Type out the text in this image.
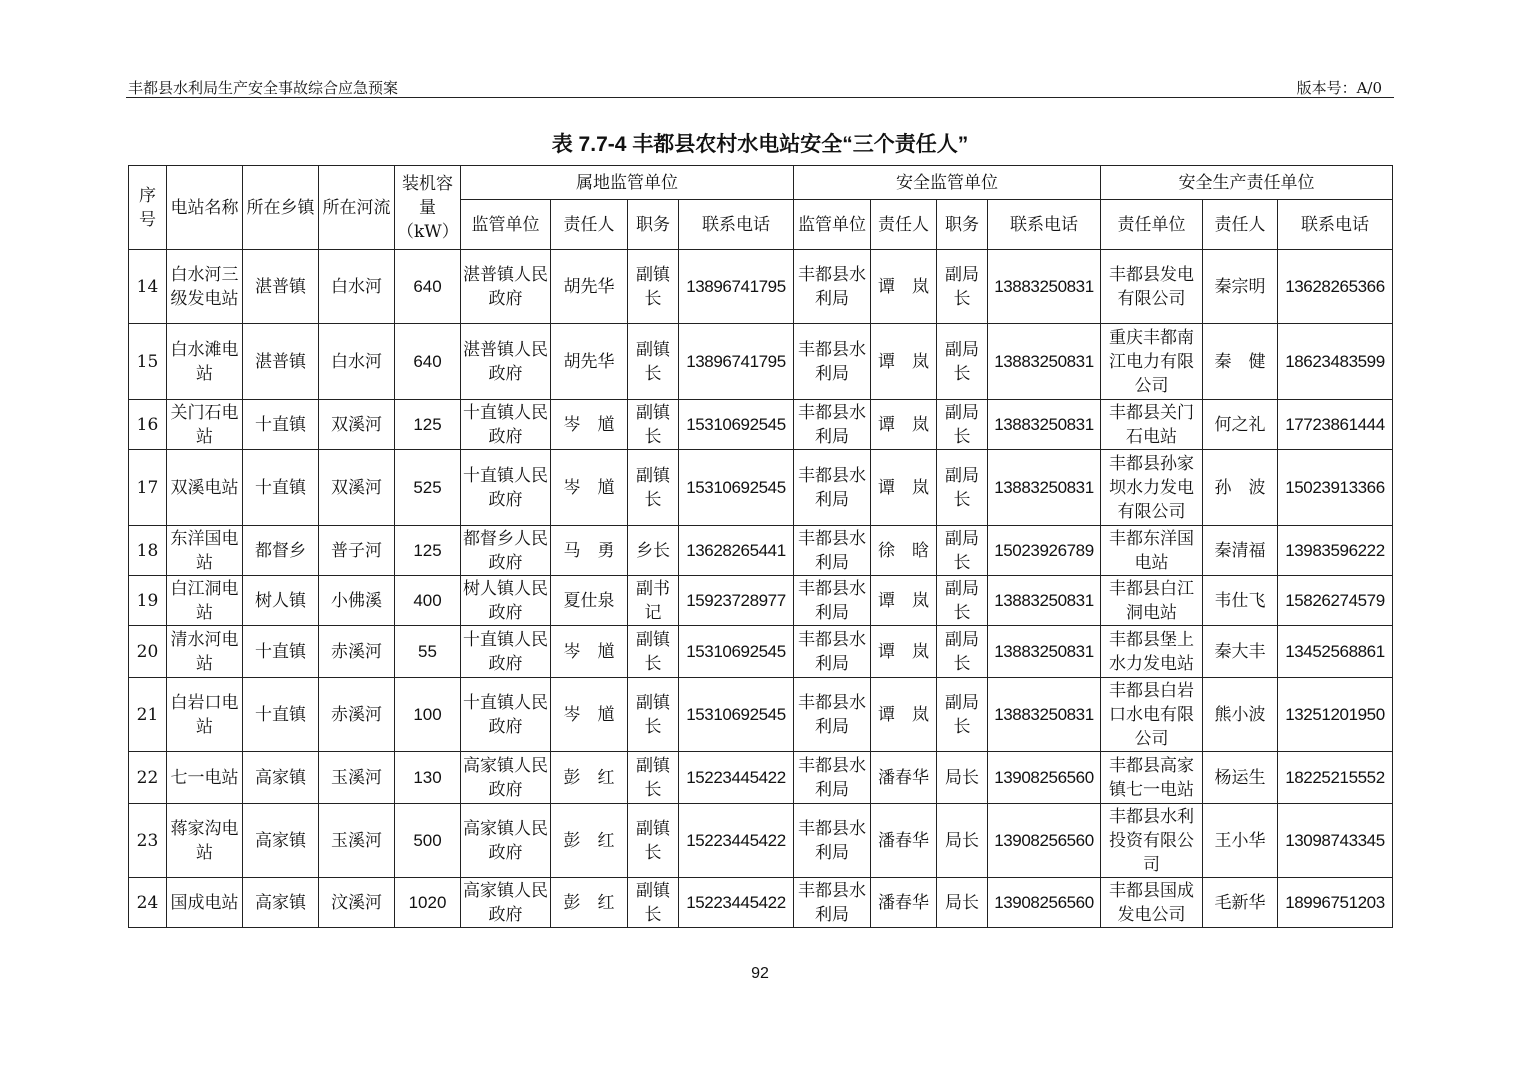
丰都县水利局生产安全事故综合应急预案	版本号：A/0
表 7.7-4 丰都县农村水电站安全“三个责任人”
序号	电站名称	所在乡镇	所在河流	装机容量（kW）	属地监管单位				安全监管单位				安全生产责任单位		
					监管单位	责任人	职务	联系电话	监管单位	责任人	职务	联系电话	责任单位	责任人	联系电话
14	白水河三级发电站	湛普镇	白水河	640	湛普镇人民政府	胡先华	副镇长	13896741795	丰都县水利局	谭　岚	副局长	13883250831	丰都县发电有限公司	秦宗明	13628265366
15	白水滩电站	湛普镇	白水河	640	湛普镇人民政府	胡先华	副镇长	13896741795	丰都县水利局	谭　岚	副局长	13883250831	重庆丰都南江电力有限公司	秦　健	18623483599
16	关门石电站	十直镇	双溪河	125	十直镇人民政府	岑　馗	副镇长	15310692545	丰都县水利局	谭　岚	副局长	13883250831	丰都县关门石电站	何之礼	17723861444
17	双溪电站	十直镇	双溪河	525	十直镇人民政府	岑　馗	副镇长	15310692545	丰都县水利局	谭　岚	副局长	13883250831	丰都县孙家坝水力发电有限公司	孙　波	15023913366
18	东洋国电站	都督乡	普子河	125	都督乡人民政府	马　勇	乡长	13628265441	丰都县水利局	徐　晗	副局长	15023926789	丰都东洋国电站	秦清福	13983596222
19	白江洞电站	树人镇	小佛溪	400	树人镇人民政府	夏仕泉	副书记	15923728977	丰都县水利局	谭　岚	副局长	13883250831	丰都县白江洞电站	韦仕飞	15826274579
20	清水河电站	十直镇	赤溪河	55	十直镇人民政府	岑　馗	副镇长	15310692545	丰都县水利局	谭　岚	副局长	13883250831	丰都县堡上水力发电站	秦大丰	13452568861
21	白岩口电站	十直镇	赤溪河	100	十直镇人民政府	岑　馗	副镇长	15310692545	丰都县水利局	谭　岚	副局长	13883250831	丰都县白岩口水电有限公司	熊小波	13251201950
22	七一电站	高家镇	玉溪河	130	高家镇人民政府	彭　红	副镇长	15223445422	丰都县水利局	潘春华	局长	13908256560	丰都县高家镇七一电站	杨运生	18225215552
23	蒋家沟电站	高家镇	玉溪河	500	高家镇人民政府	彭　红	副镇长	15223445422	丰都县水利局	潘春华	局长	13908256560	丰都县水利投资有限公司	王小华	13098743345
24	国成电站	高家镇	汶溪河	1020	高家镇人民政府	彭　红	副镇长	15223445422	丰都县水利局	潘春华	局长	13908256560	丰都县国成发电公司	毛新华	18996751203
92
